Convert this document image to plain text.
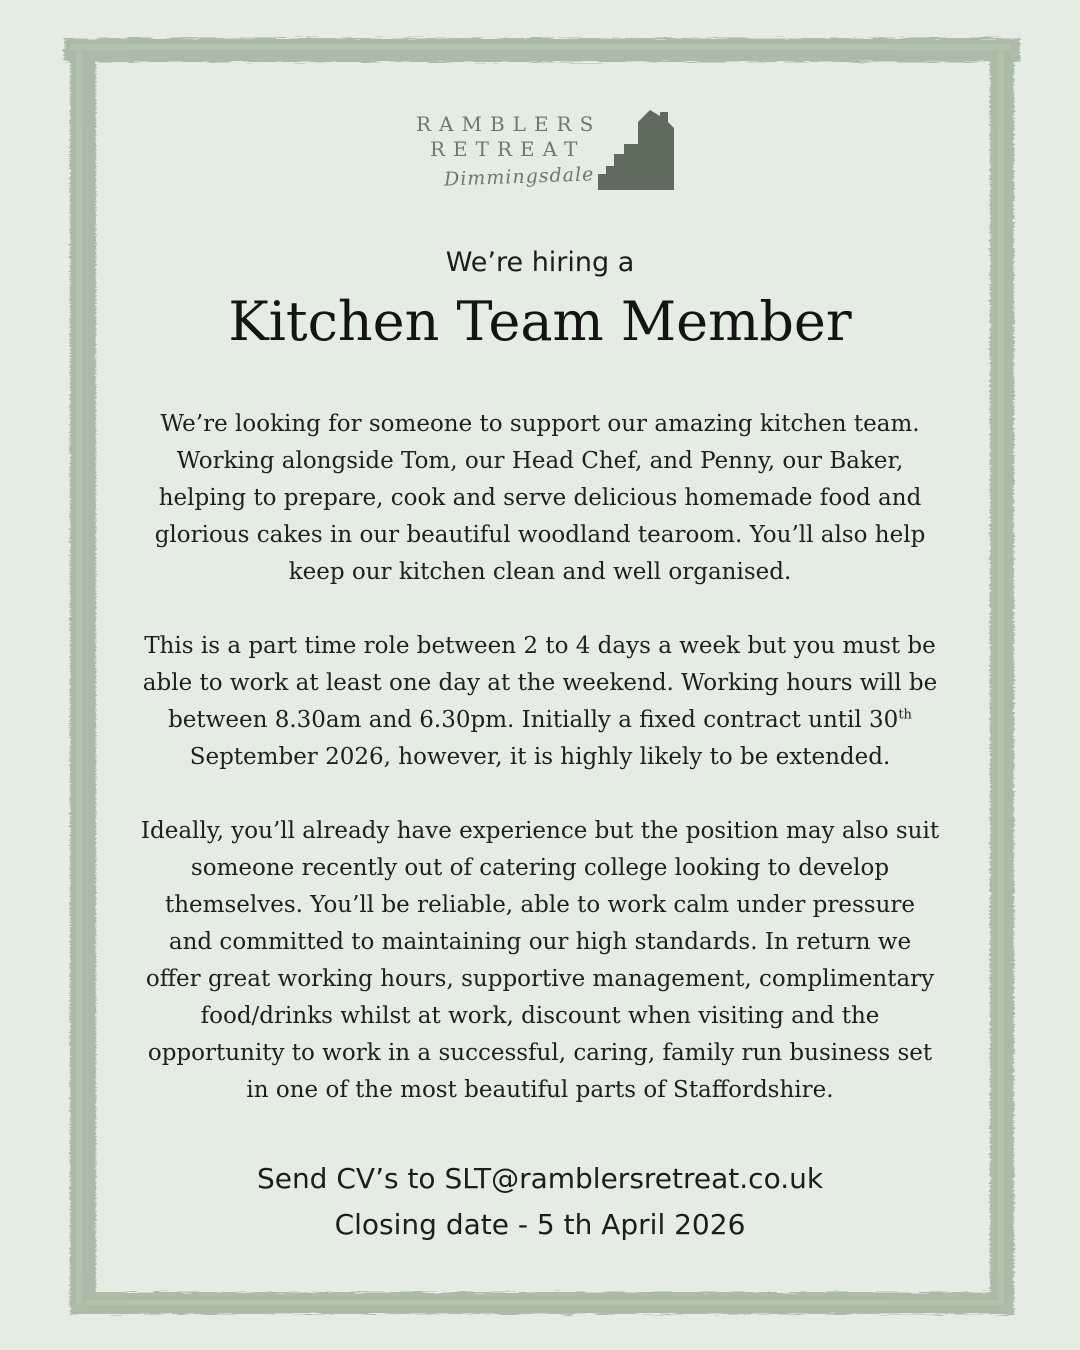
RAMBLERS
RETREAT
Dimmingsdale
We’re hiring a
Kitchen Team Member
We’re looking for someone to support our amazing kitchen team. Working alongside Tom, our Head Chef, and Penny, our Baker, helping to prepare, cook and serve delicious homemade food and glorious cakes in our beautiful woodland tearoom. You’ll also help keep our kitchen clean and well organised.
This is a part time role between 2 to 4 days a week but you must be able to work at least one day at the weekend. Working hours will be between 8.30am and 6.30pm. Initially a fixed contract until 30th September 2026, however, it is highly likely to be extended.
Ideally, you’ll already have experience but the position may also suit someone recently out of catering college looking to develop themselves. You’ll be reliable, able to work calm under pressure and committed to maintaining our high standards. In return we offer great working hours, supportive management, complimentary food/drinks whilst at work, discount when visiting and the opportunity to work in a successful, caring, family run business set in one of the most beautiful parts of Staffordshire.
Send CV’s to SLT@ramblersretreat.co.uk
Closing date - 5 th April 2026
